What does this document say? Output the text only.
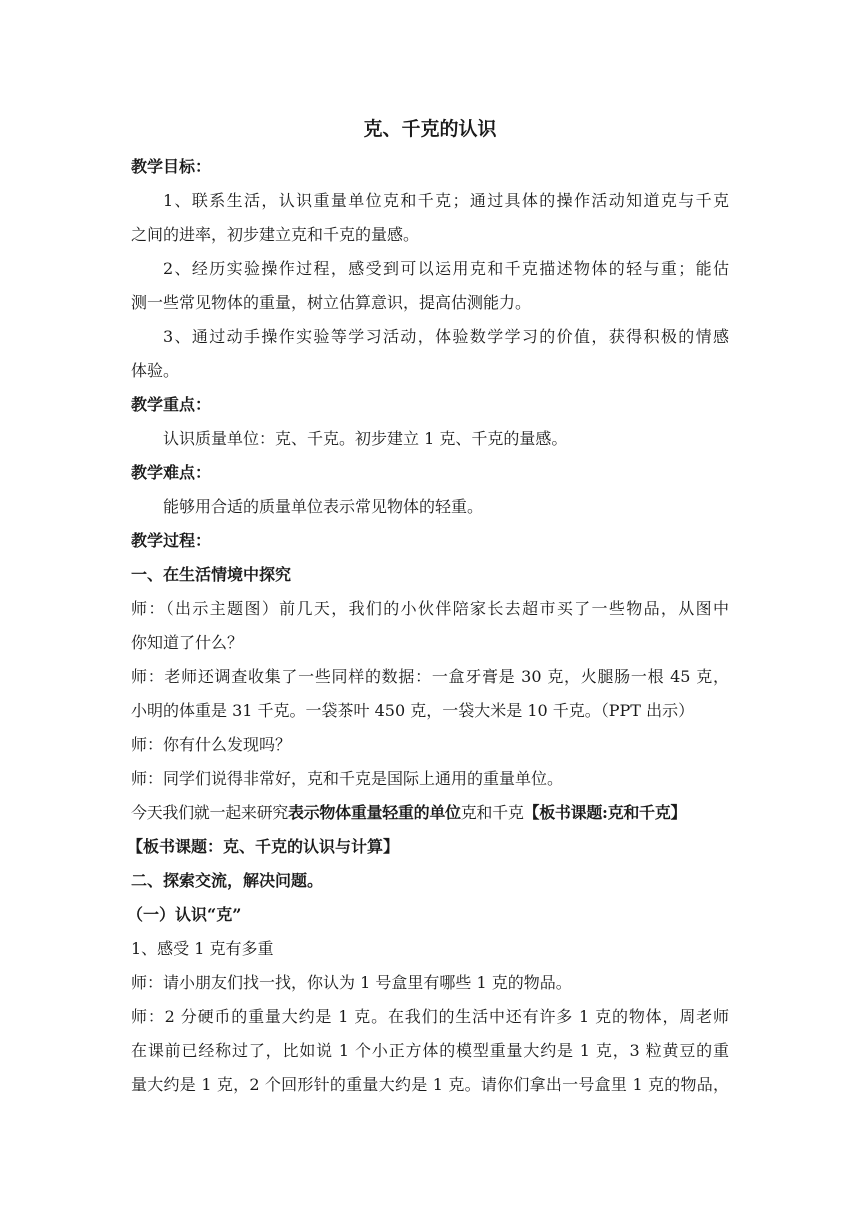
克、千克的认识
教学目标：
1、联系生活，认识重量单位克和千克；通过具体的操作活动知道克与千克
之间的进率，初步建立克和千克的量感。
2、经历实验操作过程，感受到可以运用克和千克描述物体的轻与重；能估
测一些常见物体的重量，树立估算意识，提高估测能力。
3、通过动手操作实验等学习活动，体验数学学习的价值，获得积极的情感
体验。
教学重点：
认识质量单位：克、千克。初步建立 1 克、千克的量感。
教学难点：
能够用合适的质量单位表示常见物体的轻重。
教学过程：
一、在生活情境中探究
师：（出示主题图）前几天，我们的小伙伴陪家长去超市买了一些物品，从图中
你知道了什么？
师：老师还调查收集了一些同样的数据：一盒牙膏是 30 克，火腿肠一根 45 克，
小明的体重是 31 千克。一袋茶叶 450 克，一袋大米是 10 千克。（PPT 出示）
师：你有什么发现吗？
师：同学们说得非常好，克和千克是国际上通用的重量单位。
今天我们就一起来研究表示物体重量轻重的单位克和千克【板书课题:克和千克】
【板书课题：克、千克的认识与计算】
二、探索交流，解决问题。
（一）认识“克”
1、感受 1 克有多重
师：请小朋友们找一找，你认为 1 号盒里有哪些 1 克的物品。
师：2 分硬币的重量大约是 1 克。在我们的生活中还有许多 1 克的物体，周老师
在课前已经称过了，比如说 1 个小正方体的模型重量大约是 1 克，3 粒黄豆的重
量大约是 1 克，2 个回形针的重量大约是 1 克。请你们拿出一号盒里 1 克的物品，
